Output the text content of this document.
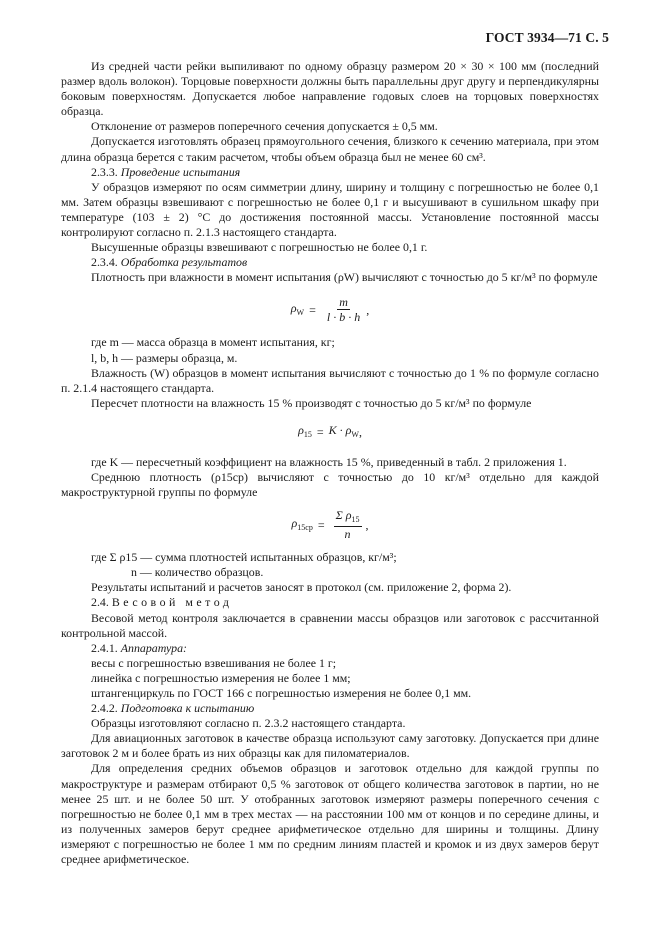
ГОСТ 3934—71 С. 5

Из средней части рейки выпиливают по одному образцу размером 20 × 30 × 100 мм (последний размер вдоль волокон). Торцовые поверхности должны быть параллельны друг другу и перпендикулярны боковым поверхностям. Допускается любое направление годовых слоев на торцовых поверхностях образца.

Отклонение от размеров поперечного сечения допускается ± 0,5 мм.

Допускается изготовлять образец прямоугольного сечения, близкого к сечению материала, при этом длина образца берется с таким расчетом, чтобы объем образца был не менее 60 см³.

2.3.3. Проведение испытания

У образцов измеряют по осям симметрии длину, ширину и толщину с погрешностью не более 0,1 мм. Затем образцы взвешивают с погрешностью не более 0,1 г и высушивают в сушильном шкафу при температуре (103 ± 2) °С до достижения постоянной массы. Установление постоянной массы контролируют согласно п. 2.1.3 настоящего стандарта.

Высушенные образцы взвешивают с погрешностью не более 0,1 г.

2.3.4. Обработка результатов

Плотность при влажности в момент испытания (ρW) вычисляют с точностью до 5 кг/м³ по формуле

$\rho_W = \frac{m}{l \cdot b \cdot h}$ ,

где m — масса образца в момент испытания, кг;

l, b, h — размеры образца, м.

Влажность (W) образцов в момент испытания вычисляют с точностью до 1 % по формуле согласно п. 2.1.4 настоящего стандарта.

Пересчет плотности на влажность 15 % производят с точностью до 5 кг/м³ по формуле

$\rho_{15} = K \cdot \rho_W$ ,

где K — пересчетный коэффициент на влажность 15 %, приведенный в табл. 2 приложения 1.

Среднюю плотность (ρ15ср) вычисляют с точностью до 10 кг/м³ отдельно для каждой макроструктурной группы по формуле

$\rho_{15ср} = \frac{\Sigma \rho_{15}}{n}$ ,

где Σ ρ15 — сумма плотностей испытанных образцов, кг/м³;

n — количество образцов.

Результаты испытаний и расчетов заносят в протокол (см. приложение 2, форма 2).

2.4. Весовой метод

Весовой метод контроля заключается в сравнении массы образцов или заготовок с рассчитанной контрольной массой.

2.4.1. Аппаратура:

весы с погрешностью взвешивания не более 1 г;

линейка с погрешностью измерения не более 1 мм;

штангенциркуль по ГОСТ 166 с погрешностью измерения не более 0,1 мм.

2.4.2. Подготовка к испытанию

Образцы изготовляют согласно п. 2.3.2 настоящего стандарта.

Для авиационных заготовок в качестве образца используют саму заготовку. Допускается при длине заготовок 2 м и более брать из них образцы как для пиломатериалов.

Для определения средних объемов образцов и заготовок отдельно для каждой группы по макроструктуре и размерам отбирают 0,5 % заготовок от общего количества заготовок в партии, но не менее 25 шт. и не более 50 шт. У отобранных заготовок измеряют размеры поперечного сечения с погрешностью не более 0,1 мм в трех местах — на расстоянии 100 мм от концов и по середине длины, и из полученных замеров берут среднее арифметическое отдельно для ширины и толщины. Длину измеряют с погрешностью не более 1 мм по средним линиям пластей и кромок и из двух замеров берут среднее арифметическое.
